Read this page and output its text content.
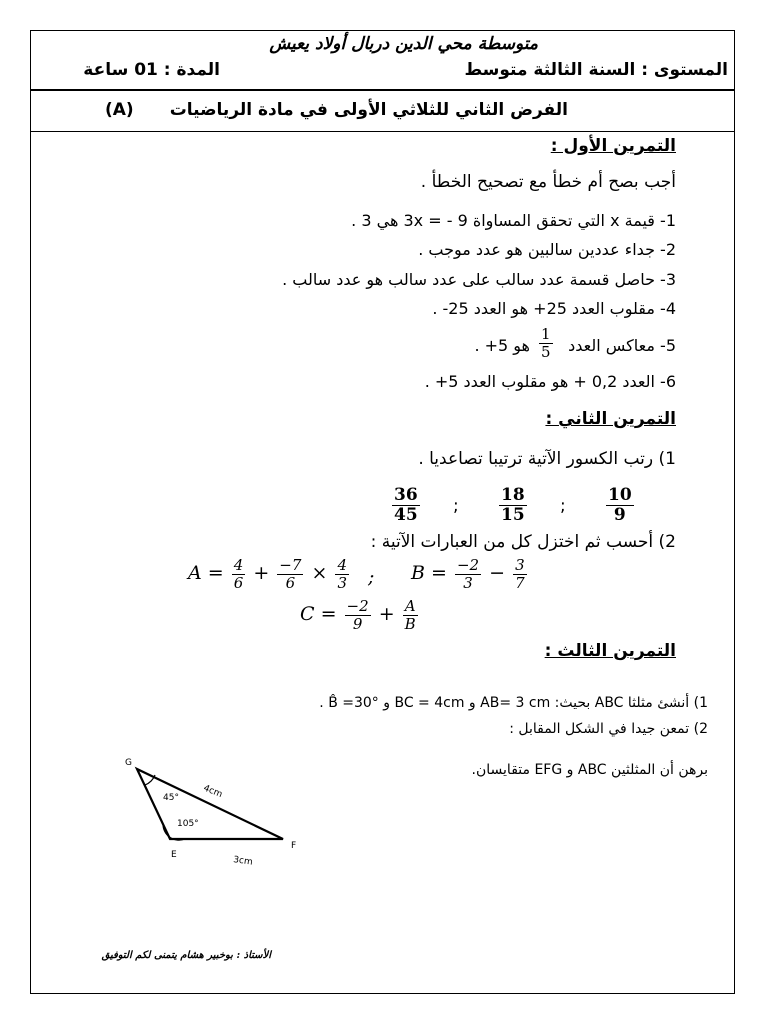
متوسطة محي الدين دربال أولاد يعيش
المستوى : السنة الثالثة متوسط
المدة : 01 ساعة
الفرض الثاني للثلاثي الأولى في مادة الرياضيات
(A)
التمرين الأول :
أجب بصح أم خطأ مع تصحيح الخطأ .
1- قيمة x التي تحقق المساواة 9 - = 3x هي 3 .
2- جداء عددين سالبين هو عدد موجب .
3- حاصل قسمة عدد سالب على عدد سالب هو عدد سالب .
4- مقلوب العدد 25+ هو العدد 25- .
5- معاكس العدد
$\frac{1}{5}$
هو 5+ .
6- العدد 0,2 + هو مقلوب العدد 5+ .
التمرين الثاني :
1) رتب الكسور الآتية ترتيبا تصاعديا .
$\frac{36}{45}$ ; $\frac{18}{15}$ ; $\frac{10}{9}$
2) أحسب ثم اختزل كل من العبارات الآتية :
$A = \frac{4}{6} + \frac{-7}{6} \times \frac{4}{3}$ ; $B = \frac{-2}{3} - \frac{3}{7}$
$C = \frac{-2}{9} + \frac{A}{B}$
التمرين الثالث :
1) أنشئ مثلثا ABC بحيث: AB= 3 cm و BC = 4cm و B̂ =30° .
2) تمعن جيدا في الشكل المقابل :
برهن أن المثلثين ABC و EFG متقايسان.
G
E
F
45°
105°
4cm
3cm
الأستاذ : بوخبير هشام يتمنى لكم التوفيق
